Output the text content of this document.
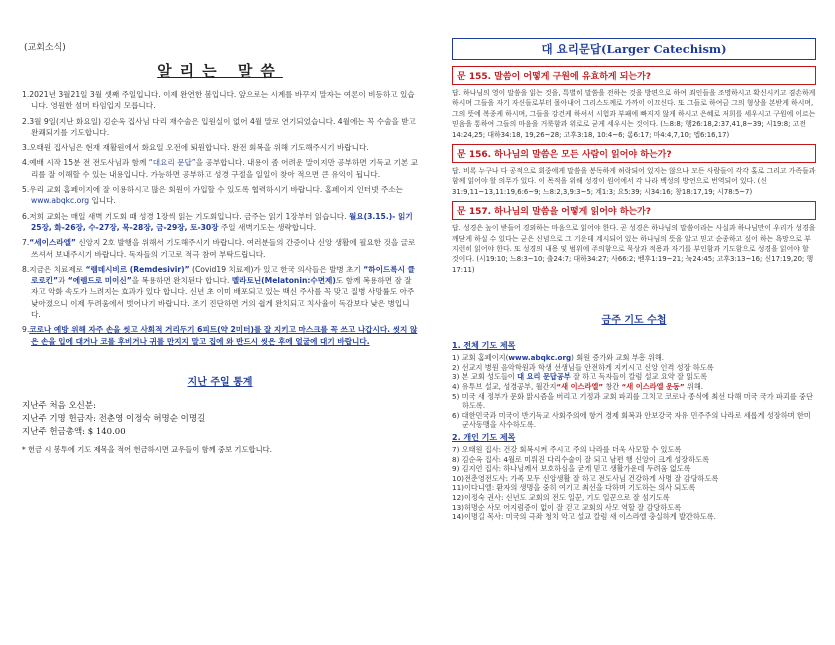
(교회소식)
알리는 말씀
1.2021년 3월21일 3월 셋째 주일입니다. 이제 완연한 봄입니다. 앞으로는 시계를 바꾸지 말자는 여론이 비등하고 있습니다. 영원한 섬머 타임입지 모릅니다.
2.3월 9일(지난 화요일) 김순옥 집사님 다리 재수술은 입원실이 없어 4월 말로 연기되었습니다. 4월에는 꼭 수술을 받고 완쾌되기를 기도합니다.
3.오태원 집사님은 현재 재활원에서 화요일 오전에 퇴원합니다. 완전 회복을 위해 기도해주시기 바랍니다.
4.예배 시작 15분 전 전도사님과 함께 “대요리 문답”을 공부합니다. 내용이 좀 어려운 말이지만 공부하면 기독교 기본 교리를 잘 이해할 수 있는 내용입니다. 가능하면 공부하고 성경 구절을 일일이 찾아 적으면 큰 유익이 됩니다.
5.우리 교회 홈페이지에 잘 이용하시고 많은 회원이 가입할 수 있도록 협력하시기 바랍니다. 홈페이지 인터넷 주소는 www.abqkc.org 입니다.
6.저희 교회는 매일 새벽 기도회 때 성경 1장씩 읽는 기도회입니다. 금주는 읽기 1장부터 읽습니다. 월요(3.15.)- 읽기 25장, 화-26장, 수-27장, 목-28장, 금-29장, 토-30장 주일 새벽기도는 생략합니다.
7.“세이스라엘” 신앙지 2호 발행을 위해서 기도해주시기 바랍니다. 여러분들의 간증이나 신앙 생활에 필요한 것을 글로 쓰셔서 보내주시기 바랍니다. 독자들의 기고로 적극 참여 부탁드립니다.
8.지금은 치료제로 “렘데시비르 (Remdesivir)” (Covid19 치료제)가 있고 한국 의사들은 발병 초기 “하이드록시 클로로킨”과 “에렘드로 미이신”을 복용하면 완치된다 합니다. 멜라토닌(Melatonin:수면제)도 함께 복용하면 잠 잘 자고 악화 속도가 느려지는 효과가 있다 합니다. 신년 초 이미 배포되고 있는 백신 주사를 꼭 맞고 질병 사망률도 아주 낮아졌으니 이제 두려움에서 벗어나기 바랍니다. 조기 진단하면 거의 쉽게 완치되고 치사율이 독감보다 낮은 병입니다.
9.코로나 예방 위해 자주 손을 씻고 사회적 거리두기 6피트(약 2미터)를 잘 지키고 마스크를 꼭 쓰고 나갑시다. 씻지 않은 손을 입에 대거나 코를 후비거나 귀를 만지지 말고 집에 와 반드시 씻은 후에 얼굴에 대기 바랍니다.
지난 주일 통계

지난주 처음 오신분:

지난주 기명 헌금자: 전춘영 이정숙 허명순 이명길

지난주 헌금총액: $ 140.00

* 헌금 시 봉투에 기도 제목을 적어 헌금하시면 교우들이 함께 중보 기도합니다.

대 요리문답(Larger Catechism)
문 155. 말씀이 어떻게 구원에 유효하게 되는가?
답. 하나님의 영이 말씀을 읽는 것을, 특별히 말씀을 전하는 것을 방편으로 하여 죄인들을 조명하시고 확신시키고 겸손하게 하시며 그들을 자기 자신들로부터 몰아내어 그리스도께로 가까이 이끄신다. 또 그들로 하여금 그의 형상을 본받게 하시며, 그의 뜻에 복종케 하시며, 그들을 강건케 하셔서 시험과 부패에 빠지지 않게 하시고 은혜로 저희를 세우시고 구원에 이르는 믿음을 통하여 그들의 마음을 거룩함과 위로로 굳게 세우시는 것이다. (느8:8; 행26:18,2:37,41,8~39; 시19:8; 고전14:24,25; 대하34:18, 19,26~28; 고후3:18, 10:4~6; 롬6:17; 마4:4,7,10; 엡6:16,17)
문 156. 하나님의 말씀은 모든 사람이 읽어야 하는가?
답. 비록 누구나 다 공적으로 회중에게 말씀을 봉독하게 허락되어 있지는 않으나 모든 사람들이 각각 홀로 그리고 가족들과 함께 읽어야 할 의무가 있다. 이 목적을 위해 성경이 원어에서 각 나라 백성의 방언으로 번역되어 있다. (신31:9,11~13,11:19,6:6~9; 느8:2,3,9:3~5; 계1:3; 요5:39; 시34:16; 창18:17,19; 시78:5~7)
문 157. 하나님의 말씀을 어떻게 읽어야 하는가?
답. 성경은 높이 받들어 경외하는 마음으로 읽어야 한다. 곧 성경은 하나님의 말씀이라는 사실과 하나님만이 우리가 성경을 깨닫게 하실 수 있다는 굳은 신념으로 그 기운데 계시되어 있는 하나님의 뜻을 알고 믿고 순종하고 싶어 하는 욕망으로 부지런히 읽어야 한다. 또 성경의 내용 및 범위에 주의함으로 묵상과 적용과 자기를 부인함과 기도함으로 성경을 읽어야 할 것이다. (시19:10; 느8:3~10; 출24:7; 대하34:27; 사66:2; 벧후1:19~21; 눅24:45; 고후3:13~16; 신17:19,20; 행17:11)
금주 기도 수첩
1. 전체 기도 제목
1) 교회 홈페이지(www.abqkc.org) 회원 증가와 교회 부흥 위해.
2) 선교지 병원 음악학원과 학생 선생님들 안전하게 지키시고 신앙 인격 성장 하도록
3) 본 교회 성도들이 대 요리 문답공부 잘 하고 독자들이 칼럼 설교 요약 잘 읽도록
4) 유투브 설교, 성경공부, 월간지“새 이스라엘” 창간 “새 이스라엘 운동” 위해.
5) 미국 새 정부가 문화 맑시즘을 버리고 기정과 교회 파괴를 그치고 코로나 종식에 최선 다해 미국 국가 파괴를 중단하도록.
6) 대한민국과 미국이 반기독교 사회주의에 항거 경제 회복과 안보강국 자유 민주주의 나라로 세롭게 성장하며 한미 군사동맹을 사수하도록.
2. 개인 기도 제목
7) 오태원 집사: 건강 회복시켜 주시고 주의 나라를 더욱 사모할 수 있도록
8) 김순옥 집사: 4월로 미뤄진 다리수술이 잘 되고 남편 행 신앙이 크게 성장하도록
9) 김지언 집사: 하나님께서 보호하심을 굳게 믿고 생활가운데 두려움 없도록
10)전춘영전도사: 가족 모두 신앙생활 잘 하고 전도사님 건강하게 사명 잘 감당하도록
11)이다니엘: 환자의 생명을 중히 여기고 최선을 다하며 기도하는 의사 되도록
12)이정숙 권사: 신년도 교회의 전도 일꾼, 기도 일꾼으로 잘 섬기도록
13)허명순 사모 어지럼증이 없이 잘 걷고 교회의 사모 역할 잘 감당하도록
14)이명길 목사: 미국의 극좌 청치 악고 설교 칼럼 새 이스라엘 충실하게 발간하도록.
